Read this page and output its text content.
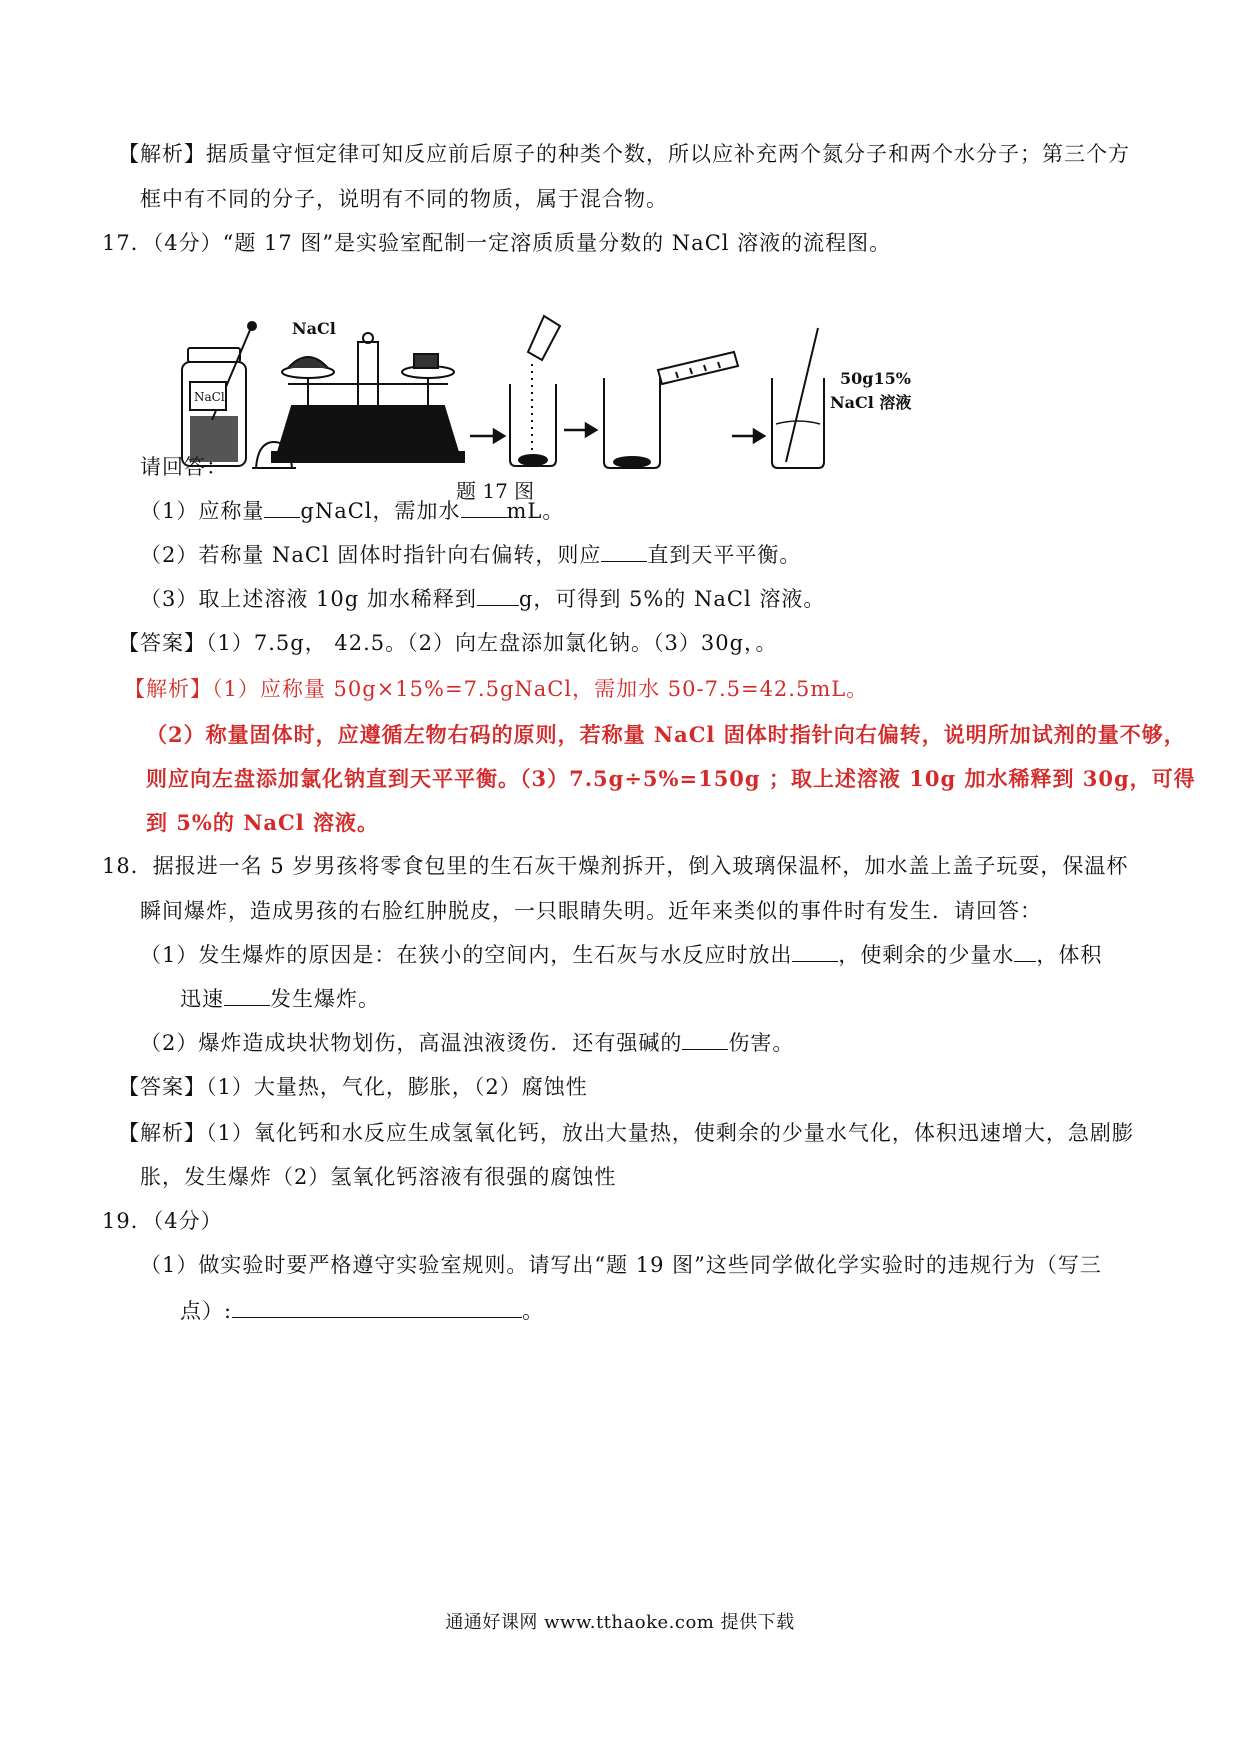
【解析】据质量守恒定律可知反应前后原子的种类个数，所以应补充两个氮分子和两个水分子；第三个方
框中有不同的分子，说明有不同的物质，属于混合物。
17．（4分）“题 17 图”是实验室配制一定溶质质量分数的 NaCl 溶液的流程图。
NaCl
NaCl
50g15%
NaCl 溶液
题 17 图
请回答：
（1）应称量 gNaCl，需加水 mL。
（2）若称量 NaCl 固体时指针向右偏转，则应 直到天平平衡。
（3）取上述溶液 10g 加水稀释到 g，可得到 5%的 NaCl 溶液。
【答案】（1）7.5g， 42.5。（2）向左盘添加氯化钠。（3）30g，。
【解析】（1）应称量 50g×15%=7.5gNaCl，需加水 50-7.5=42.5mL。
（2）称量固体时，应遵循左物右码的原则，若称量 NaCl 固体时指针向右偏转，说明所加试剂的量不够，
则应向左盘添加氯化钠直到天平平衡。（3）7.5g÷5%=150g ；取上述溶液 10g 加水稀释到 30g，可得
到 5%的 NaCl 溶液。
18．据报进一名 5 岁男孩将零食包里的生石灰干燥剂拆开，倒入玻璃保温杯，加水盖上盖子玩耍，保温杯
瞬间爆炸，造成男孩的右脸红肿脱皮，一只眼睛失明。近年来类似的事件时有发生．请回答：
（1）发生爆炸的原因是：在狭小的空间内，生石灰与水反应时放出 ，使剩余的少量水 ，体积
迅速 发生爆炸。
（2）爆炸造成块状物划伤，高温浊液烫伤．还有强碱的 伤害。
【答案】（1）大量热，气化，膨胀，（2）腐蚀性
【解析】（1）氧化钙和水反应生成氢氧化钙，放出大量热，使剩余的少量水气化，体积迅速增大，急剧膨
胀，发生爆炸（2）氢氧化钙溶液有很强的腐蚀性
19．（4分）
（1）做实验时要严格遵守实验室规则。请写出“题 19 图”这些同学做化学实验时的违规行为（写三
点）:	。
通通好课网 www.tthaoke.com 提供下载
